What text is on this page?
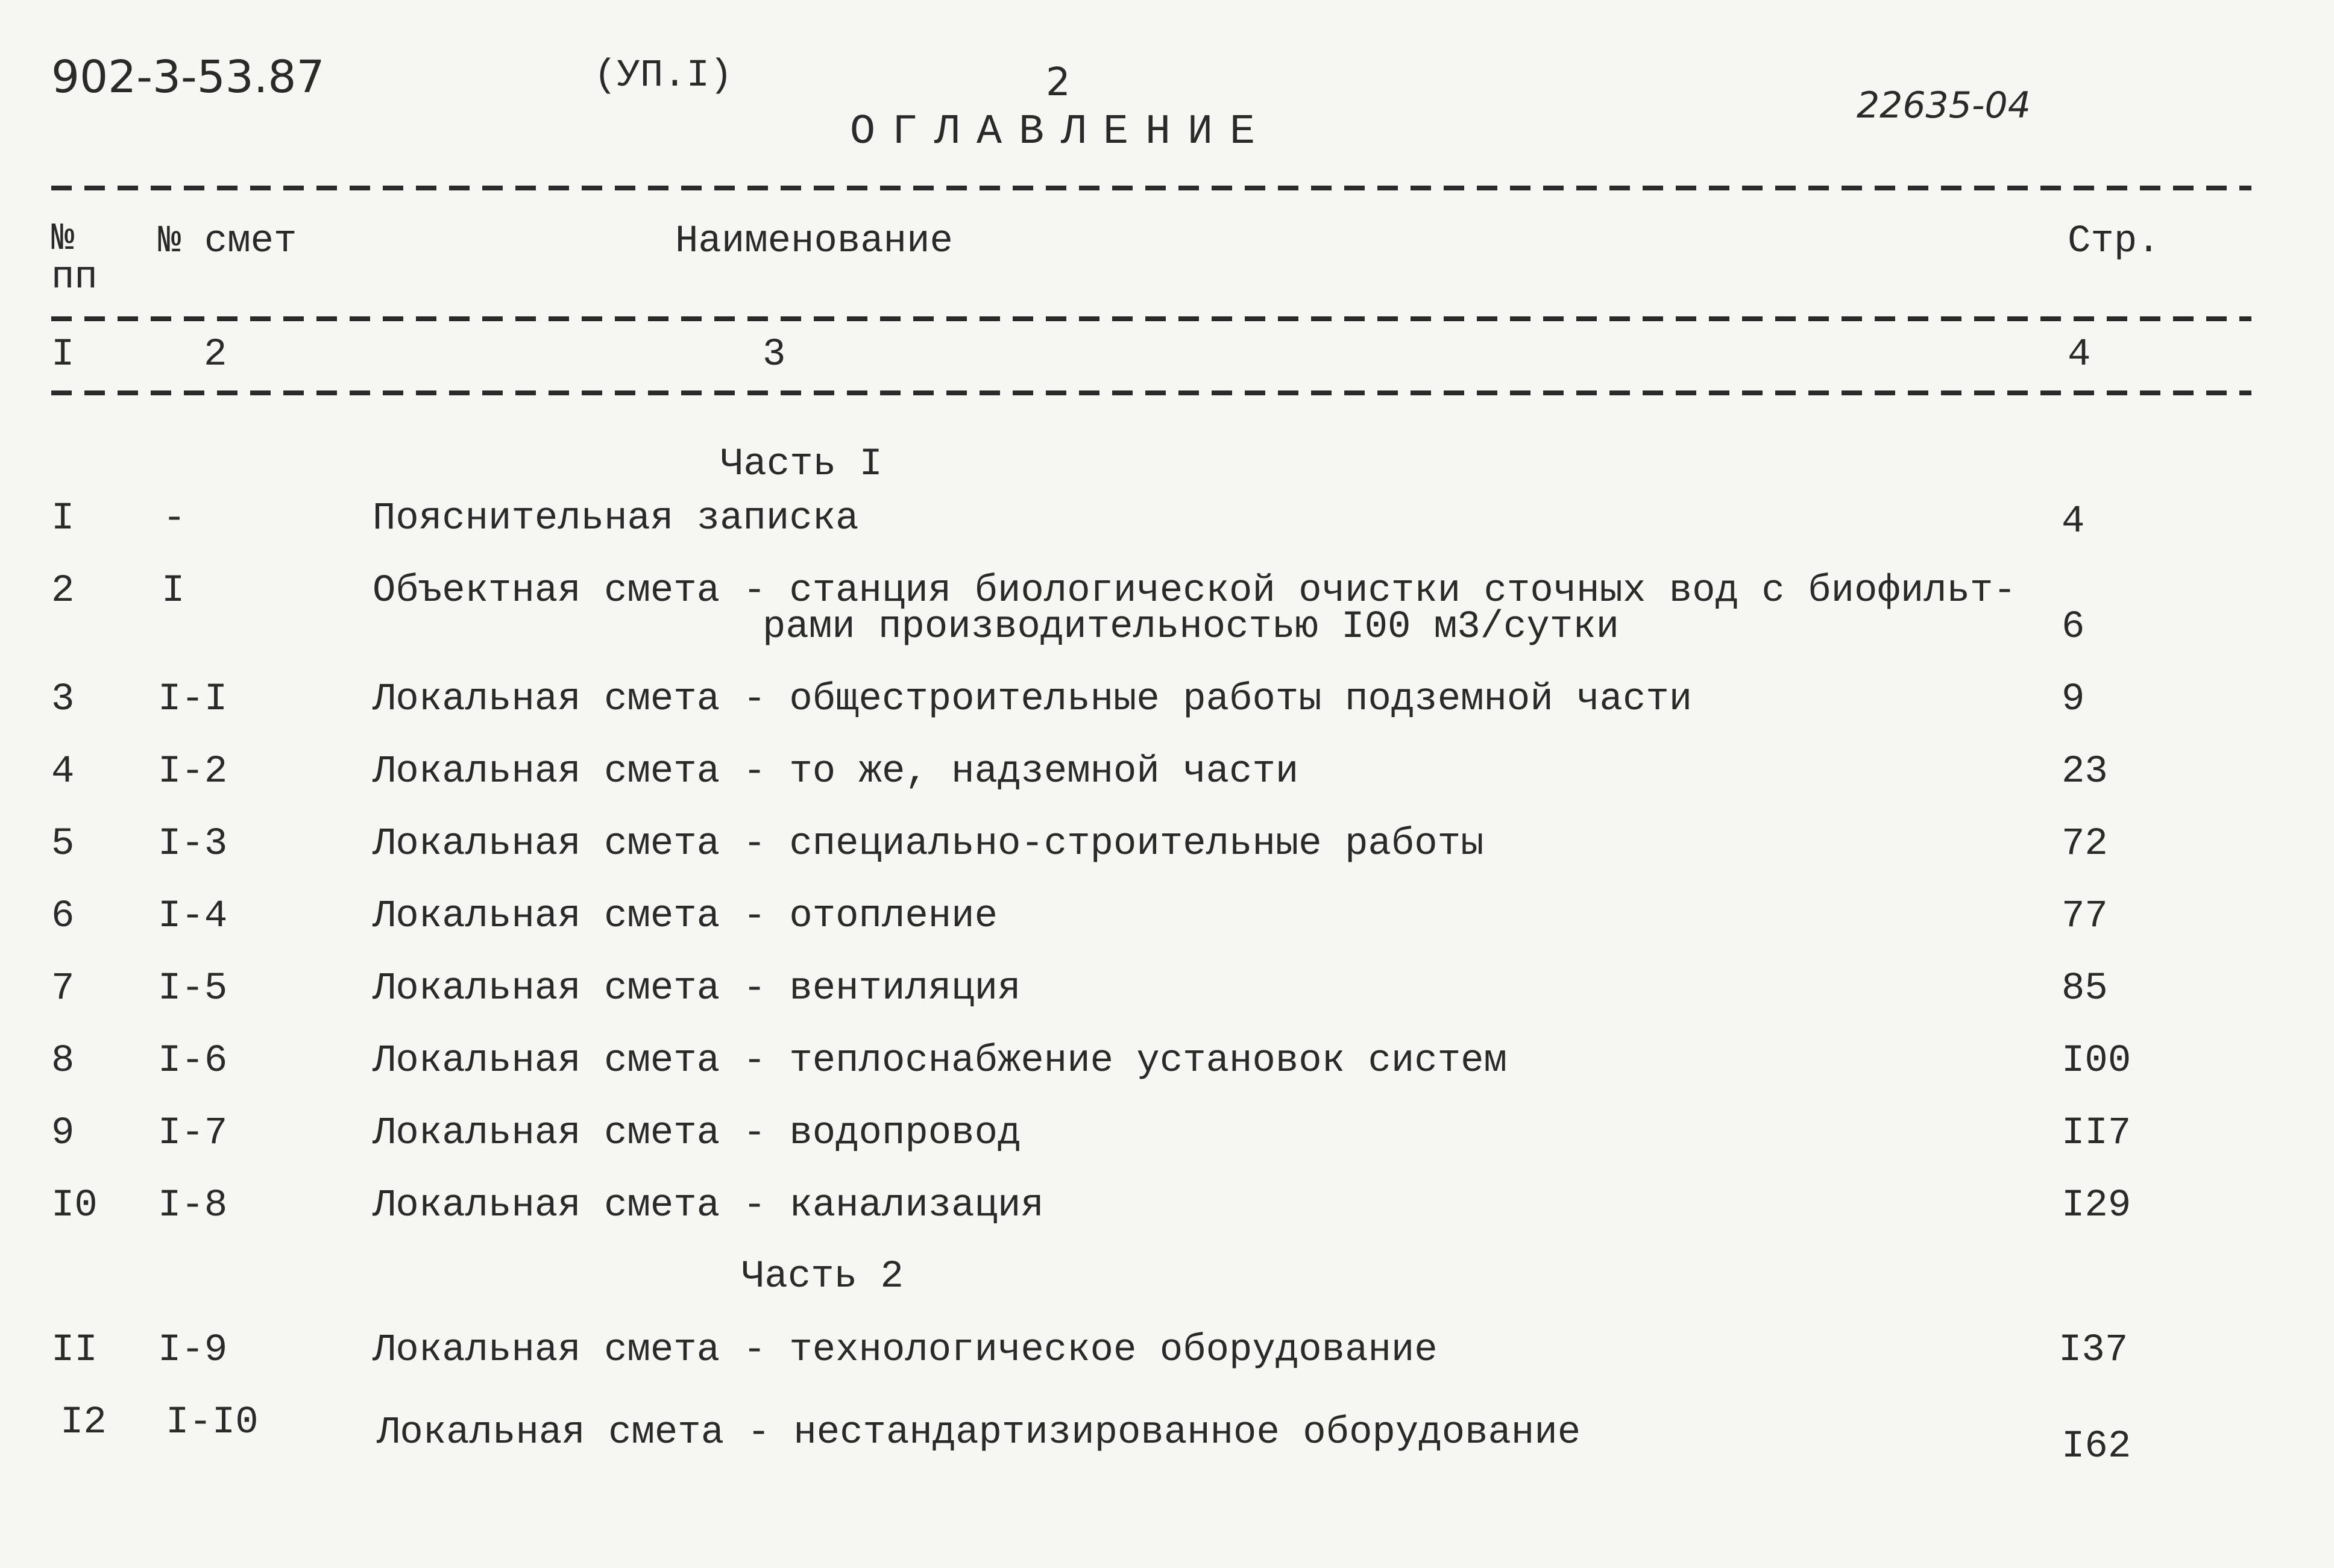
902-3-53.87	(УП.I)	2
ОГЛАВЛЕНИЕ
22635-04
№
пп
№ смет	Наименование	Стр.
I	2	3	4
Часть I
I -	Пояснительная записка	4
2 I	Объектная смета - станция биологической очистки сточных вод с биофильт-
рами производительностью I00 м3/сутки	6
3 I-I	Локальная смета - общестроительные работы подземной части	9
4 I-2	Локальная смета - то же, надземной части	23
5 I-3	Локальная смета - специально-строительные работы	72
6 I-4	Локальная смета - отопление	77
7 I-5	Локальная смета - вентиляция	85
8 I-6	Локальная смета - теплоснабжение установок систем	I00
9 I-7	Локальная смета - водопровод	II7
I0 I-8	Локальная смета - канализация	I29
Часть 2
II I-9	Локальная смета - технологическое оборудование	I37
I2 I-I0	Локальная смета - нестандартизированное оборудование	I62
